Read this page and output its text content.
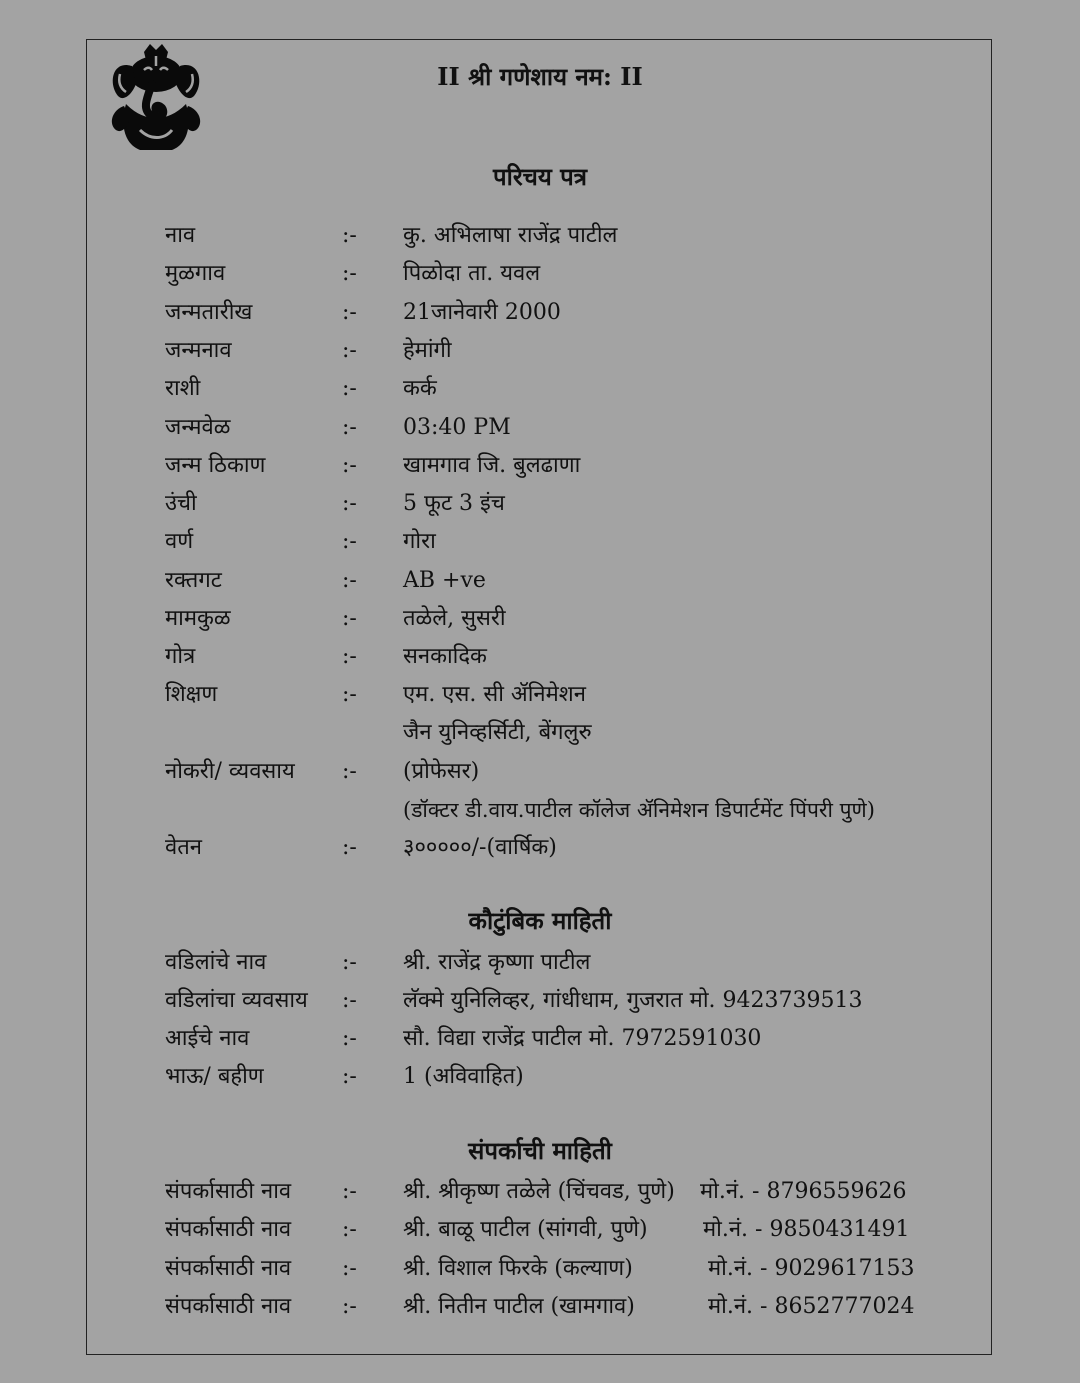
II श्री गणेशाय नम: II
परिचय पत्र
नाव	:- कु. अभिलाषा राजेंद्र पाटील
मुळगाव	:- पिळोदा ता. यवल
जन्मतारीख	:- 21जानेवारी 2000
जन्मनाव	:- हेमांगी
राशी	:- कर्क
जन्मवेळ	:- 03:40 PM
जन्म ठिकाण	:- खामगाव जि. बुलढाणा
उंची	:- 5 फूट 3 इंच
वर्ण	:- गोरा
रक्तगट	:- AB +ve
मामकुळ	:- तळेले, सुसरी
गोत्र	:- सनकादिक
शिक्षण	:- एम. एस. सी ॲनिमेशन
जैन युनिव्हर्सिटी, बेंगलुरु
नोकरी/ व्यवसाय :- (प्रोफेसर)
(डॉक्टर डी.वाय.पाटील कॉलेज ॲनिमेशन डिपार्टमेंट पिंपरी पुणे)
वेतन	:- ३०००००/-(वार्षिक)
कौटुंबिक माहिती
वडिलांचे नाव	:- श्री. राजेंद्र कृष्णा पाटील
वडिलांचा व्यवसाय :- लॅक्मे युनिलिव्हर, गांधीधाम, गुजरात मो. 9423739513
आईचे नाव	:- सौ. विद्या राजेंद्र पाटील मो. 7972591030
भाऊ/ बहीण	:- 1 (अविवाहित)
संपर्काची माहिती
संपर्कासाठी नाव :- श्री. श्रीकृष्ण तळेले (चिंचवड, पुणे) मो.नं. - 8796559626
संपर्कासाठी नाव :- श्री. बाळू पाटील (सांगवी, पुणे)	मो.नं. - 9850431491
संपर्कासाठी नाव :- श्री. विशाल फिरके (कल्याण)	मो.नं. - 9029617153
संपर्कासाठी नाव :- श्री. नितीन पाटील (खामगाव)	मो.नं. - 8652777024
